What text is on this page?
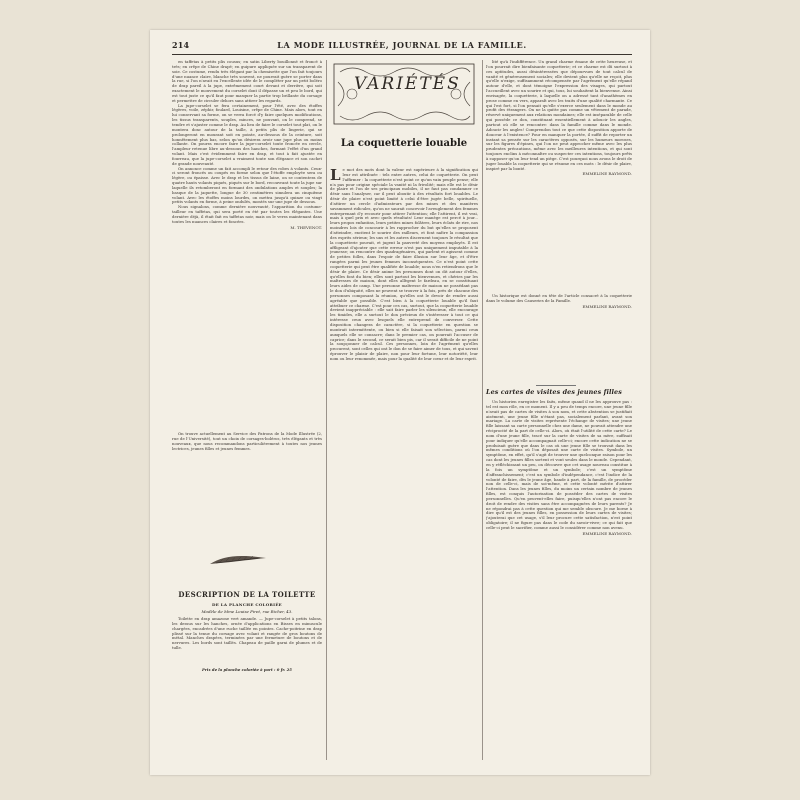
214	LA MODE ILLUSTRÉE, JOURNAL DE LA FAMILLE.

en taffetas à petits plis cousus; en satin Liberty bouillonné et froncé à très; en crêpe de Chine drapé; en guipure appliquée sur un transparent de soie. Ce costume, rendu très élégant par la chemisette que l'on fait toujours d'une nuance claire, blanche très souvent, ne pourrait guère se porter dans la rue, si l'on n'avait eu l'excellente idée de le compléter par un petit boléro de drap pareil à la jupe, extrêmement court devant et derrière, qui soit exactement le mouvement du corselet dont il dépasse un et peu le bord, qui est tout juste ce qu'il faut pour masquer la partie trop brillante du corsage et permettre de circuler dehors sans attirer les regards.

La jupe-corselet se fera certainement, pour l'été, avec des étoffes légères, voile, zéphir, foulard, Louisine, crêpe de Chine. Mais alors, tout en lui conservant sa forme, on se verra forcé d'y faire quelques modifications, les tissus transparents, souples, minces, ne pouvant, on le comprend, se tendre et s'ajuster comme le drap. Au lieu de faire le corselet tout plat, on le montera donc autour de la taille, à petits plis de lingerie, qui se prolongeront en mourant soit en pointe, au-dessous de la ceinture, soit honnêtement plus bas, selon qu'on désirera avoir une jupe plus ou moins collante. On pourra encore faire la jupe-corselet toute froncée en cercle, l'ampleur retenue libre au-dessous des hanches, formant l'effet d'un grand volant. Mais c'est évidemment faire en drap, et tout à fait ajustée en fourreau, que la jupe-corselet a vraiment toute son élégance et son cachet de grande nouveauté.

On annonce comme un fait accompli le retour des robes à volants. Ceux-ci seront froncés ou coupés en forme selon que l'étoffe employée sera ou légère, ou épaisse. Avec le drap et les tissus de laine, on se contentera de quatre hauts volants piqués, piqués sur le bord, recouvrant toute la jupe sur laquelle ils retomberont en formant des ondulations amples et souples; la basque de la jaquette, longue de 30 centimètres simulera un cinquième volant. Avec les étoffes moins lourdes, on mettra jusqu'à quinze ou vingt petits volants en forme, à peine ondulés, montés sur une jupe de dessous.

Nous signalons, comme dernière nouveauté, l'apparition du costume-tailleur en taffetas, qui sera porté en été par toutes les élégantes. Une dernière déjà, il était fait en taffetas noir, mais on le verra maintenant dans toutes les nuances claires et foncées.

M. THEVENOT.

On trouve actuellement au Service des Patrons de la Mode Illustrée (2, rue de l'Université), tout un choix de corsages-boléros, très élégants et très nouveaux, que nous recommandons particulièrement à toutes nos jeunes lectrices, jeunes filles et jeunes femmes.

DESCRIPTION DE LA TOILETTE
DE LA PLANCHE COLORIÉE
Modèle de Mme Louise Piret, rue Richer, 43.

Toilette en drap amazone vert amande. — Jupe-corselet à petits talons, les dessus sur les hanches, ornée d'applications en Bisses en minuscule chargées, encadrées d'une ruche taillée en pointes. Cache-poitrine en drap plissé sur la tenue du corsage avec volant et rangée de gros boutons de métal. Manches drapées, terminées par une fermeture de boutons et de nervures. Les bords sont taillés. Chapeau de paille garni de plumes et de tulle.

Prix de la planche coloriée à part : 0 fr. 25
VARIÉTÉS
La coquetterie louable
L e mot des mots dont la valeur est supérieure à la signification qui leur est attribuée : tels entre autres, celui de coquetterie. On peut l'affirmer : la coquetterie n'est point ce qu'un vain peuple pense; elle n'a pas pour origine spéciale la vanité ni la frivolité; mais elle est le désir de plaire et l'on de ses principaux mobiles, il ne faut pas condamner ce désir sans l'analyser, car il peut aboutir à des résultats fort louables. Le désir de plaire n'est point limité à celui d'être jugée belle, spirituelle, d'attirer un cercle d'admirateurs par des mines et des manières savamment ridicules, qu'on ne saurait concevoir l'aveuglement des femmes entreprenant d'y recourir pour attirer l'attention; elle l'attirent, il est vrai, mais à quel prix et avec quels résultats! Leur manège est percé à jour... leurs propos enfantins, leurs petites mines folâtres, leurs éclats de rire, nos moindres lois de concourir à les rapprocher du but qu'elles se proposent d'atteindre, excitent le sourire des railleurs, et font naître la compassion des esprits sérieux; les uns et les autres discernent toujours le résultat que la coquetterie pouvait, et jugent la pauvreté des moyens employés. Il est affligeant d'ajouter que cette erreur n'est pas uniquement imputable à la jeunesse; on rencontre des quadragénaires, qui parlent et agissent comme de petites folles, dans l'espoir de faire illusion sur leur âge, et d'être rangées parmi les jeunes femmes inconséquentes. Ce n'est point cette coquetterie qui peut être qualifiée de louable; nous n'en retiendrons que le désir de plaire. Ce désir anime les personnes dont on dit autour d'elles, qu'elles font du bien; elles sont partout les bienvenues, et chéries par les maîtresses de maison, dont elles allègent le fardeau, en se constituant leurs aides de camp. Une personne maîtresse de maison ne possédant pas le don d'ubiquité, elles ne peuvent se trouver à la fois, près de chacune des personnes composant la réunion, qu'elles ont le devoir de rendre aussi agréable que possible. C'est bien à la coquetterie louable qu'il faut attribuer ce charme. C'est pour ces cas, surtout, que la coquetterie louable devient inappréciable : elle sait faire parler les silencieux, elle encourage les timides, elle a surtout le don précieux de s'intéresser à tout ce qui intéresse ceux avec lesquels elle entreprend de converser. Cette disposition changera de caractère, si la coquetterie en question se montrait intermittente, ou bien si elle faisait son sélection, parmi ceux auxquels elle se consacre; dans le premier cas, on pourrait l'accuser de caprice; dans le second, ce serait bien pis, car il serait difficile de ne point la soupçonner de calcul. Ces personnes, loin de l'agrément qu'elles procurent, sont celles qui ont le don de se faire aimer de tous, et qui savent éprouver le plaisir de plaire, non pour leur fortune, leur notoriété, leur nom ou leur renommée, mais pour la qualité de leur cœur et de leur esprit.

lité qu'à l'indifférence. Un grand charme émane de cette heureuse, et l'on pourrait dire bienfaisante coquetterie; et ce charme est dû surtout à ces aptitudes, aussi désintéressées que dépourvues de tout calcul de vanité et généreusement sociales; elle devient plus qu'elle ne reçoit, plus qu'elle n'exige, suffisamment récompensée par l'agrément qu'elle répand autour d'elle, et dont témoigne l'expression des visages, qui partout l'accueillent avec un sourire et qui, tous, lui souhaitent la bienvenue. Ainsi envisagée, la coquetterie, à laquelle on a adressé tant d'anathèmes en prose comme en vers, apparaît avec les traits d'une qualité charmante. Ce qui l'est fort, si l'on pensait qu'elle s'exerce seulement dans le monde au profit des étrangers. On ne la quitte pas comme un vêtement de parade, réservé uniquement aux relations mondaines; elle est inséparable de celle qui possède ce don, constituant essentiellement à adoucir les angles, partout où elle se rencontre: dans la famille comme dans le monde. Adoucir les angles! Comprendon tout ce que cette disposition apporte de douceur à l'existence? Pour en manquer la portée, il suffit de reporter un instant sa pensée sur les caractères opposés, sur les humeurs moroses, sur les figures d'épines, qui l'on ne peut approcher même avec les plus prudentes précautions, même avec les meilleures intentions, et qui sont toujours enclins à méconnaître ou suspecter ces intentions, toujours prêts à supposer qu'on leur tend un piège. C'est pourquoi nous avons le droit de juger louable la coquetterie qui se résume en ces mots : le désir de plaire, inspiré par la bonté.

EMMELINE RAYMOND.

Un historique est donné en tête de l'article consacré à la coquetterie dans le volume des Causeries de la Famille.

EMMELINE RAYMOND.
Les cartes de visites des jeunes filles

Un historien enregistre les faits, même quand il ne les approuve pas : tel est mon rôle, en ce moment. Il y a peu de temps encore, une jeune fille n'avait pas de cartes de visites à son nom, et cette abstention se justifiait aisément, une jeune fille n'étant pas, socialement parlant, avant son mariage. La carte de visites représente l'échange de visites; une jeune fille laissant sa carte personnelle chez une dame, ne pouvait attendre une réciprocité de la part de celle-ci. Alors, où était l'utilité de cette carte? Le nom d'une jeune fille, tracé sur la carte de visites de sa mère, suffisait pour indiquer qu'elle accompagnait celle-ci; encore cette indication ne se produisait guère que dans le cas où une jeune fille se trouvait dans les mêmes conditions où l'on déposait une carte de visites. Symbole, un symptôme, en effet, qu'il s'agit de trouver une quelconque raison pour les cas dont les jeunes filles sortent et vont seules dans le monde. Cependant, en y réfléchissant un peu, on découvre que cet usage nouveau constitue à la fois un symptôme et un symbole; c'est un symptôme d'affranchissement; c'est un symbole d'indépendance, c'est l'indice de la volonté de faire, dès le jeune âge, bande à part, de la famille, de procéder non de celle-ci, mais de soi-même, et cette volonté mérite d'attirer l'attention. Dans les jeunes filles, du moins un certain nombre de jeunes filles, est conquis l'autorisation de posséder des cartes de visites personnelles. Qu'en peuvent-elles faire, puisqu'elles n'ont pas encore le droit de rendre des visites sans être accompagnées de leurs parents? Je ne répondrai pas à cette question qui me semble obscure. Je me borne à dire qu'il est des jeunes filles, en possession de leurs cartes de visites; j'ajouterai que cet usage, s'il leur procure cette satisfaction, n'est point obligatoire; il ne figure pas dans le code du savoir-vivre; ce qui fait que celle-ci peut le sacrifier, comme aussi le considérer comme non avenu.

EMMELINE RAYMOND.
